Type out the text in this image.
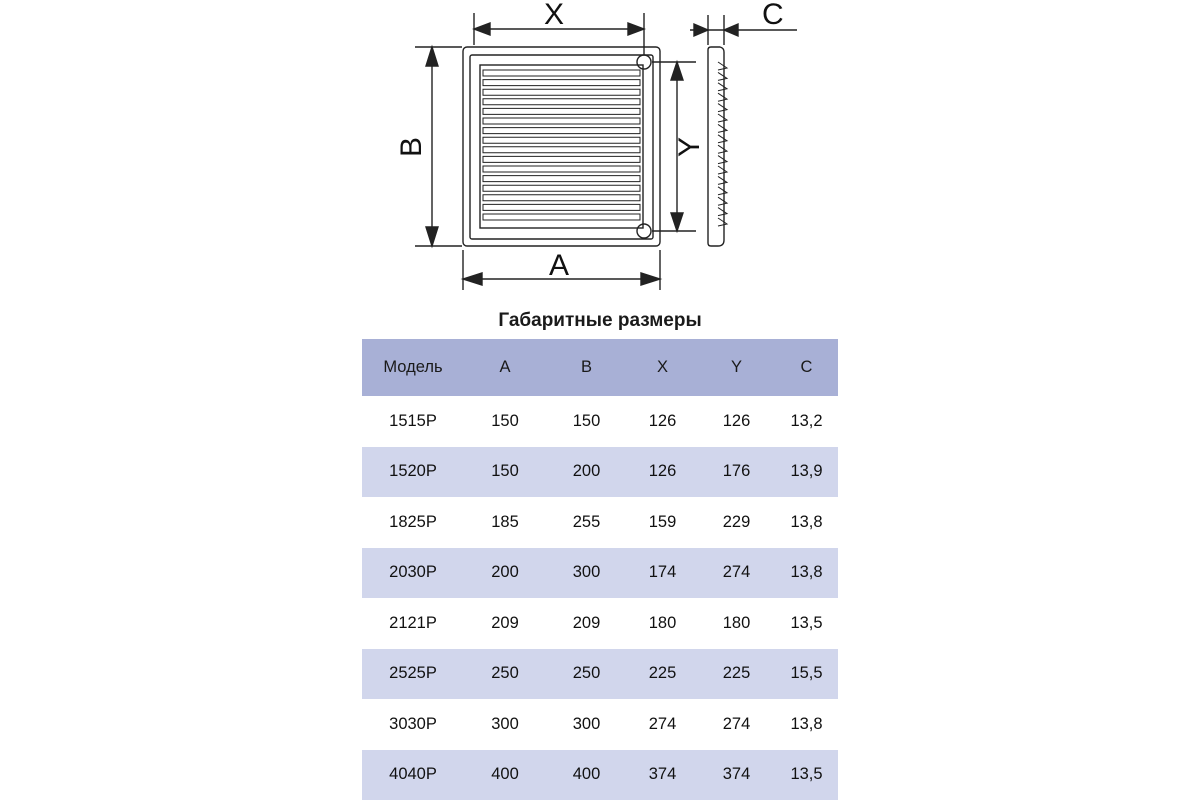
X	C
B	Y
A
Габаритные размеры
Модель	A	B	X	Y	C
1515P	150	150	126	126	13,2
1520P	150	200	126	176	13,9
1825P	185	255	159	229	13,8
2030P	200	300	174	274	13,8
2121P	209	209	180	180	13,5
2525P	250	250	225	225	15,5
3030P	300	300	274	274	13,8
4040P	400	400	374	374	13,5
